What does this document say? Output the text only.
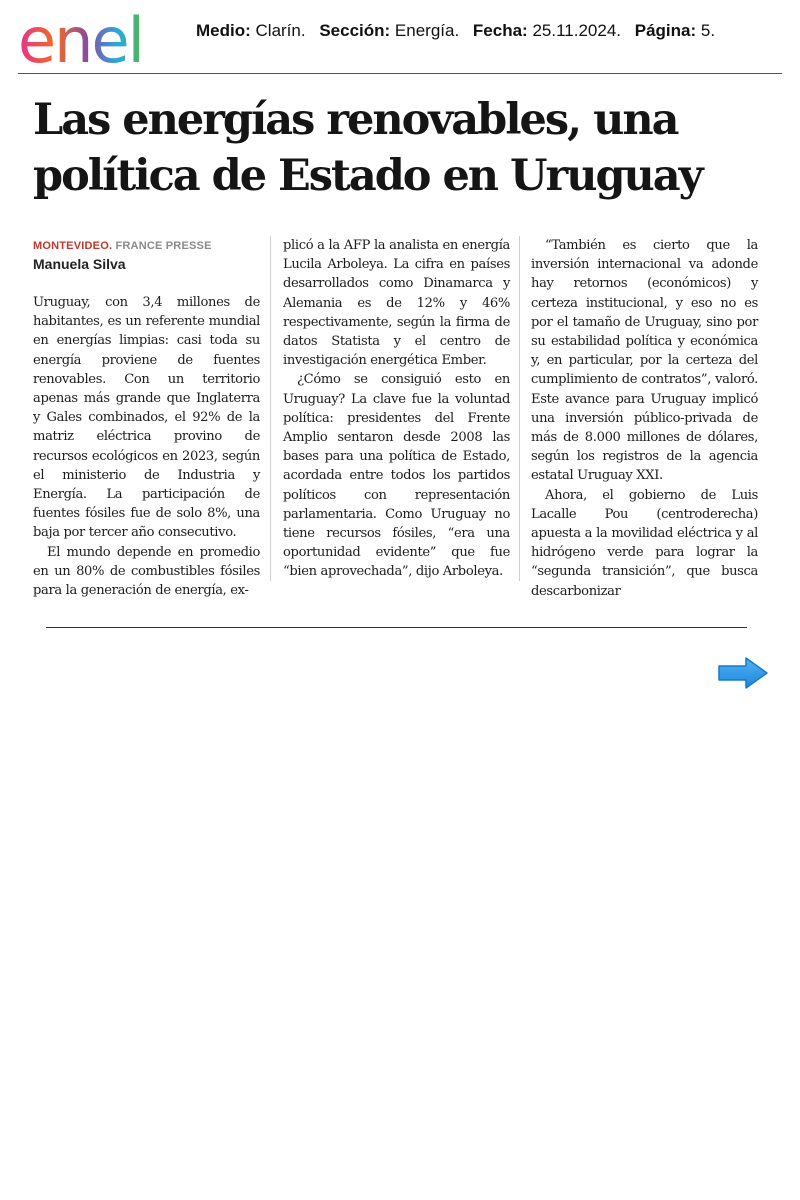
enel	Medio: Clarín. Sección: Energía. Fecha: 25.11.2024. Página: 5.
Las energías renovables, una política de Estado en Uruguay
MONTEVIDEO. FRANCE PRESSE
Manuela Silva

Uruguay, con 3,4 millones de habitantes, es un referente mundial en energías limpias: casi toda su energía proviene de fuentes renovables. Con un territorio apenas más grande que Inglaterra y Gales combinados, el 92% de la matriz eléctrica provino de recursos ecológicos en 2023, según el ministerio de Industria y Energía. La participación de fuentes fósiles fue de solo 8%, una baja por tercer año consecutivo.

El mundo depende en promedio en un 80% de combustibles fósiles para la generación de energía, ex-

plicó a la AFP la analista en energía Lucila Arboleya. La cifra en países desarrollados como Dinamarca y Alemania es de 12% y 46% respectivamente, según la firma de datos Statista y el centro de investigación energética Ember.

¿Cómo se consiguió esto en Uruguay? La clave fue la voluntad política: presidentes del Frente Amplio sentaron desde 2008 las bases para una política de Estado, acordada entre todos los partidos políticos con representación parlamentaria. Como Uruguay no tiene recursos fósiles, “era una oportunidad evidente” que fue “bien aprovechada”, dijo Arboleya.

“También es cierto que la inversión internacional va adonde hay retornos (económicos) y certeza institucional, y eso no es por el tamaño de Uruguay, sino por su estabilidad política y económica y, en particular, por la certeza del cumplimiento de contratos”, valoró. Este avance para Uruguay implicó una inversión público-privada de más de 8.000 millones de dólares, según los registros de la agencia estatal Uruguay XXI.

Ahora, el gobierno de Luis Lacalle Pou (centroderecha) apuesta a la movilidad eléctrica y al hidrógeno verde para lograr la “segunda transición”, que busca descarbonizar
